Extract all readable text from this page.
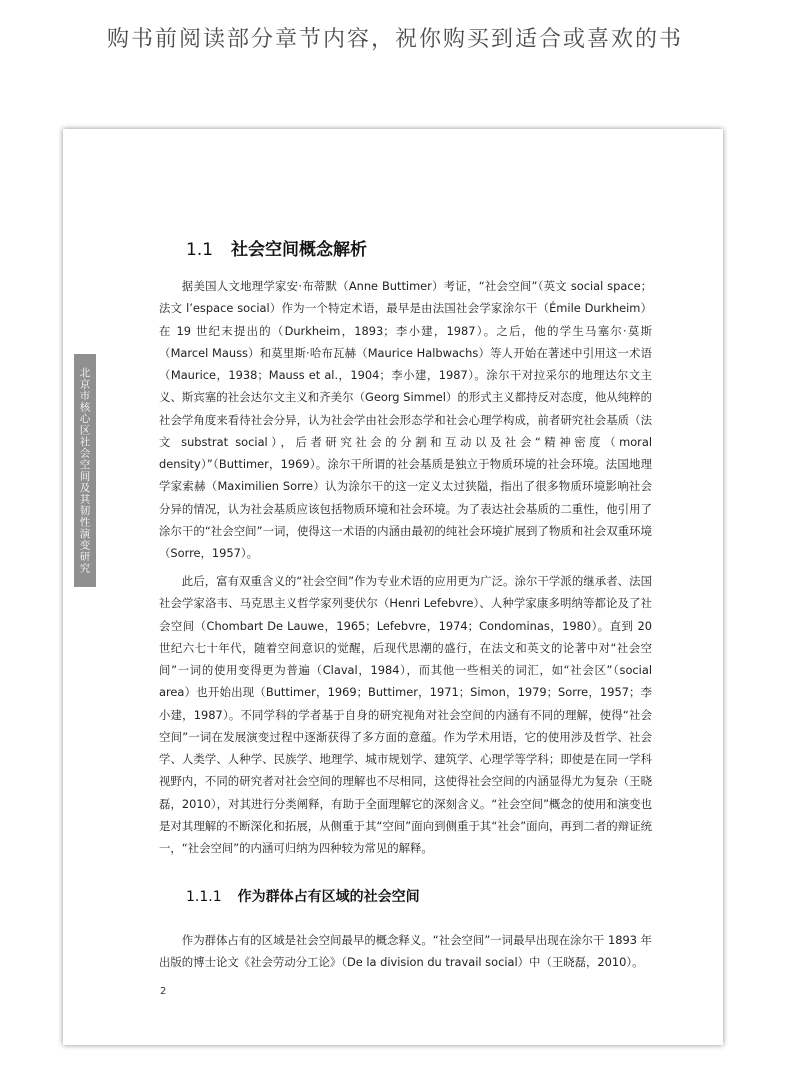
购书前阅读部分章节内容，祝你购买到适合或喜欢的书
北京市核心区社会空间及其韧性演变研究
1.1 社会空间概念解析

据美国人文地理学家安·布蒂默（Anne Buttimer）考证，“社会空间”（英文 social space；法文 l’espace social）作为一个特定术语，最早是由法国社会学家涂尔干（Émile Durkheim）在 19 世纪末提出的（Durkheim，1893；李小建，1987）。之后，他的学生马塞尔·莫斯（Marcel Mauss）和莫里斯·哈布瓦赫（Maurice Halbwachs）等人开始在著述中引用这一术语（Maurice，1938；Mauss et al.，1904；李小建，1987）。涂尔干对拉采尔的地理达尔文主义、斯宾塞的社会达尔文主义和齐美尔（Georg Simmel）的形式主义都持反对态度，他从纯粹的社会学角度来看待社会分异，认为社会学由社会形态学和社会心理学构成，前者研究社会基质（法文 substrat social），后者研究社会的分割和互动以及社会“精神密度（moral density）”（Buttimer，1969）。涂尔干所谓的社会基质是独立于物质环境的社会环境。法国地理学家索赫（Maximilien Sorre）认为涂尔干的这一定义太过狭隘，指出了很多物质环境影响社会分异的情况，认为社会基质应该包括物质环境和社会环境。为了表达社会基质的二重性，他引用了涂尔干的“社会空间”一词，使得这一术语的内涵由最初的纯社会环境扩展到了物质和社会双重环境（Sorre，1957）。

此后，富有双重含义的“社会空间”作为专业术语的应用更为广泛。涂尔干学派的继承者、法国社会学家洛韦、马克思主义哲学家列斐伏尔（Henri Lefebvre）、人种学家康多明纳等都论及了社会空间（Chombart De Lauwe，1965；Lefebvre，1974；Condominas，1980）。直到 20 世纪六七十年代，随着空间意识的觉醒，后现代思潮的盛行，在法文和英文的论著中对“社会空间”一词的使用变得更为普遍（Claval，1984），而其他一些相关的词汇，如“社会区”（social area）也开始出现（Buttimer，1969；Buttimer，1971；Simon，1979；Sorre，1957；李小建，1987）。不同学科的学者基于自身的研究视角对社会空间的内涵有不同的理解，使得“社会空间”一词在发展演变过程中逐渐获得了多方面的意蕴。作为学术用语，它的使用涉及哲学、社会学、人类学、人种学、民族学、地理学、城市规划学、建筑学、心理学等学科；即使是在同一学科视野内，不同的研究者对社会空间的理解也不尽相同，这使得社会空间的内涵显得尤为复杂（王晓磊，2010），对其进行分类阐释，有助于全面理解它的深刻含义。“社会空间”概念的使用和演变也是对其理解的不断深化和拓展，从侧重于其“空间”面向到侧重于其“社会”面向，再到二者的辩证统一，“社会空间”的内涵可归纳为四种较为常见的解释。

1.1.1 作为群体占有区域的社会空间

作为群体占有的区域是社会空间最早的概念释义。“社会空间”一词最早出现在涂尔干 1893 年出版的博士论文《社会劳动分工论》（De la division du travail social）中（王晓磊，2010）。

2
